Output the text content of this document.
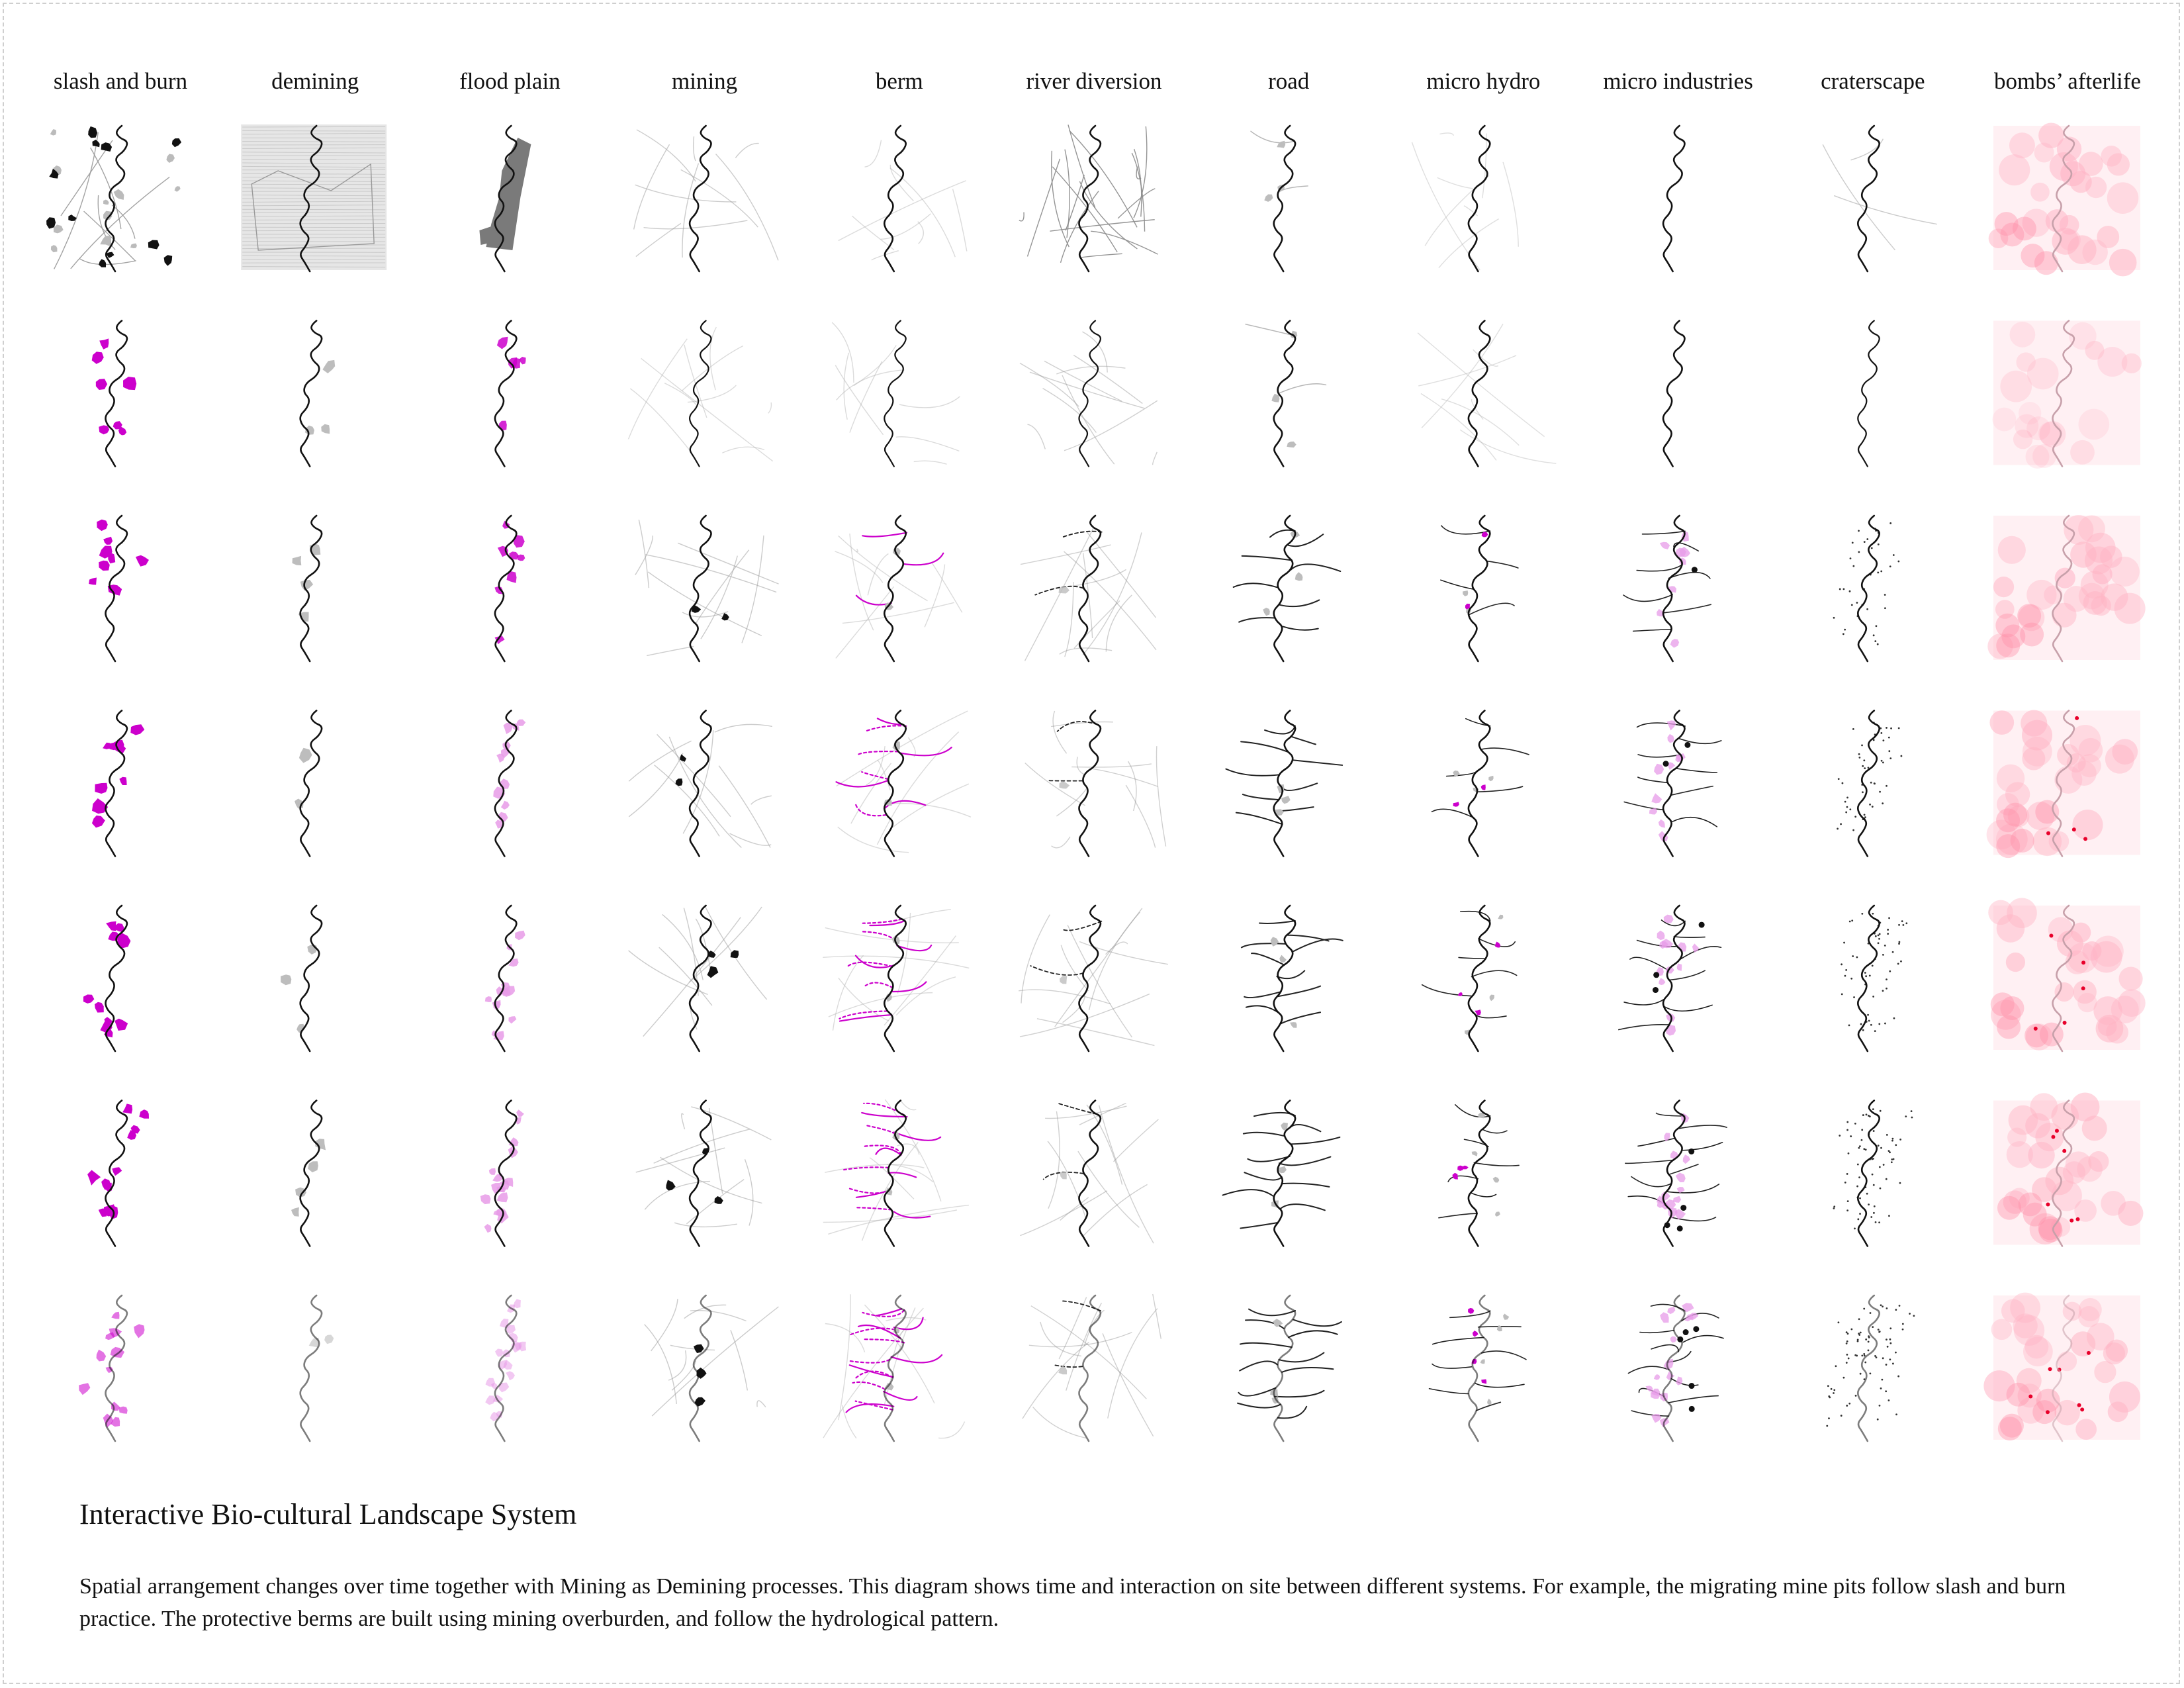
slash and burn	demining	flood plain	mining	berm	river diversion	road	micro hydro	micro industries	craterscape	bombs’ afterlife
Interactive Bio-cultural Landscape System
Spatial arrangement changes over time together with Mining as Demining processes. This diagram shows time and interaction on site between different systems. For example, the migrating mine pits follow slash and burn practice. The protective berms are built using mining overburden, and follow the hydrological pattern.
